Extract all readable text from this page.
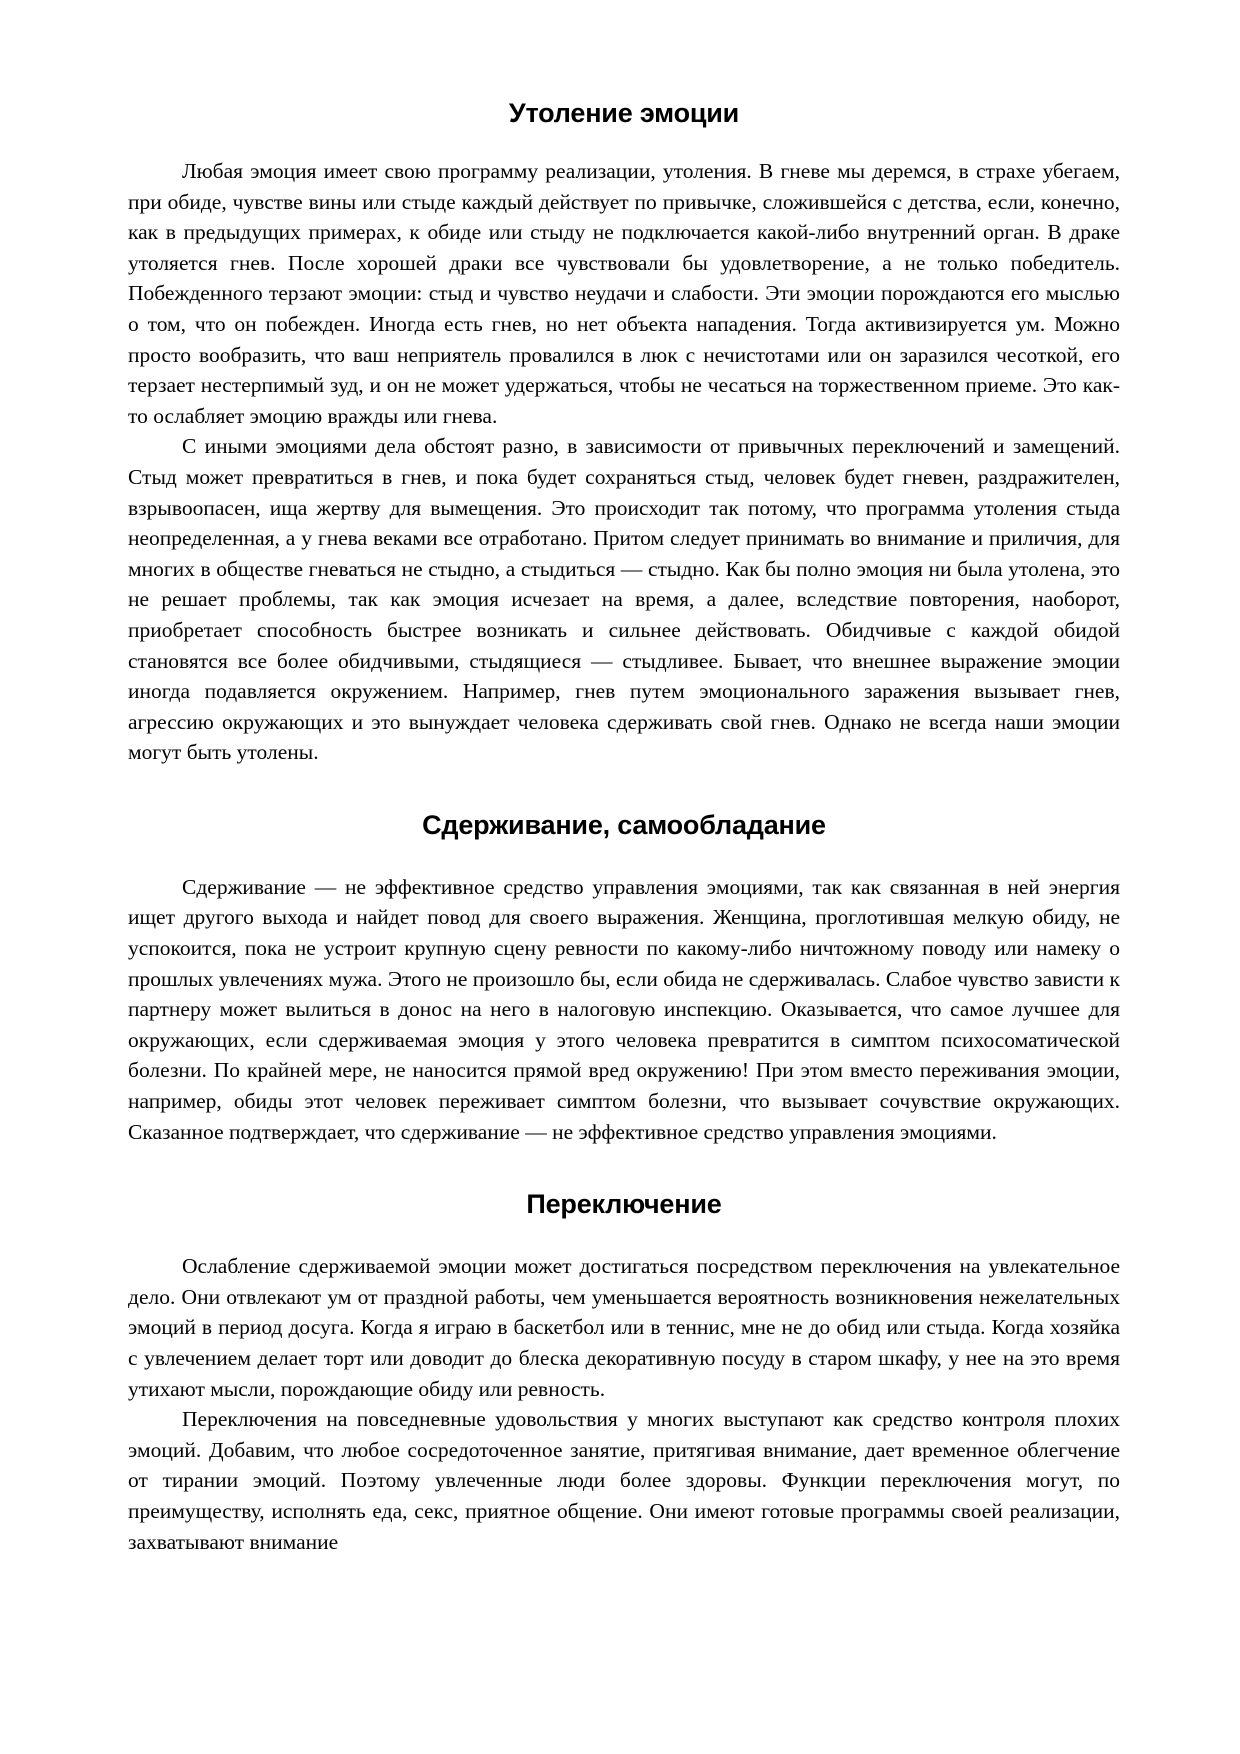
Утоление эмоции

Любая эмоция имеет свою программу реализации, утоления. В гневе мы деремся, в страхе убегаем, при обиде, чувстве вины или стыде каждый действует по привычке, сложившейся с детства, если, конечно, как в предыдущих примерах, к обиде или стыду не подключается какой-либо внутренний орган. В драке утоляется гнев. После хорошей драки все чувствовали бы удовлетворение, а не только победитель. Побежденного терзают эмоции: стыд и чувство неудачи и слабости. Эти эмоции порождаются его мыслью о том, что он побежден. Иногда есть гнев, но нет объекта нападения. Тогда активизируется ум. Можно просто вообразить, что ваш неприятель провалился в люк с нечистотами или он заразился чесоткой, его терзает нестерпимый зуд, и он не может удержаться, чтобы не чесаться на торжественном приеме. Это как-то ослабляет эмоцию вражды или гнева.

С иными эмоциями дела обстоят разно, в зависимости от привычных переключений и замещений. Стыд может превратиться в гнев, и пока будет сохраняться стыд, человек будет гневен, раздражителен, взрывоопасен, ища жертву для вымещения. Это происходит так потому, что программа утоления стыда неопределенная, а у гнева веками все отработано. Притом следует принимать во внимание и приличия, для многих в обществе гневаться не стыдно, а стыдиться — стыдно. Как бы полно эмоция ни была утолена, это не решает проблемы, так как эмоция исчезает на время, а далее, вследствие повторения, наоборот, приобретает способность быстрее возникать и сильнее действовать. Обидчивые с каждой обидой становятся все более обидчивыми, стыдящиеся — стыдливее. Бывает, что внешнее выражение эмоции иногда подавляется окружением. Например, гнев путем эмоционального заражения вызывает гнев, агрессию окружающих и это вынуждает человека сдерживать свой гнев. Однако не всегда наши эмоции могут быть утолены.

Сдерживание, самообладание

Сдерживание — не эффективное средство управления эмоциями, так как связанная в ней энергия ищет другого выхода и найдет повод для своего выражения. Женщина, проглотившая мелкую обиду, не успокоится, пока не устроит крупную сцену ревности по какому-либо ничтожному поводу или намеку о прошлых увлечениях мужа. Этого не произошло бы, если обида не сдерживалась. Слабое чувство зависти к партнеру может вылиться в донос на него в налоговую инспекцию. Оказывается, что самое лучшее для окружающих, если сдерживаемая эмоция у этого человека превратится в симптом психосоматической болезни. По крайней мере, не наносится прямой вред окружению! При этом вместо переживания эмоции, например, обиды этот человек переживает симптом болезни, что вызывает сочувствие окружающих. Сказанное подтверждает, что сдерживание — не эффективное средство управления эмоциями.

Переключение

Ослабление сдерживаемой эмоции может достигаться посредством переключения на увлекательное дело. Они отвлекают ум от праздной работы, чем уменьшается вероятность возникновения нежелательных эмоций в период досуга. Когда я играю в баскетбол или в теннис, мне не до обид или стыда. Когда хозяйка с увлечением делает торт или доводит до блеска декоративную посуду в старом шкафу, у нее на это время утихают мысли, порождающие обиду или ревность.

Переключения на повседневные удовольствия у многих выступают как средство контроля плохих эмоций. Добавим, что любое сосредоточенное занятие, притягивая внимание, дает временное облегчение от тирании эмоций. Поэтому увлеченные люди более здоровы. Функции переключения могут, по преимуществу, исполнять еда, секс, приятное общение. Они имеют готовые программы своей реализации, захватывают внимание
